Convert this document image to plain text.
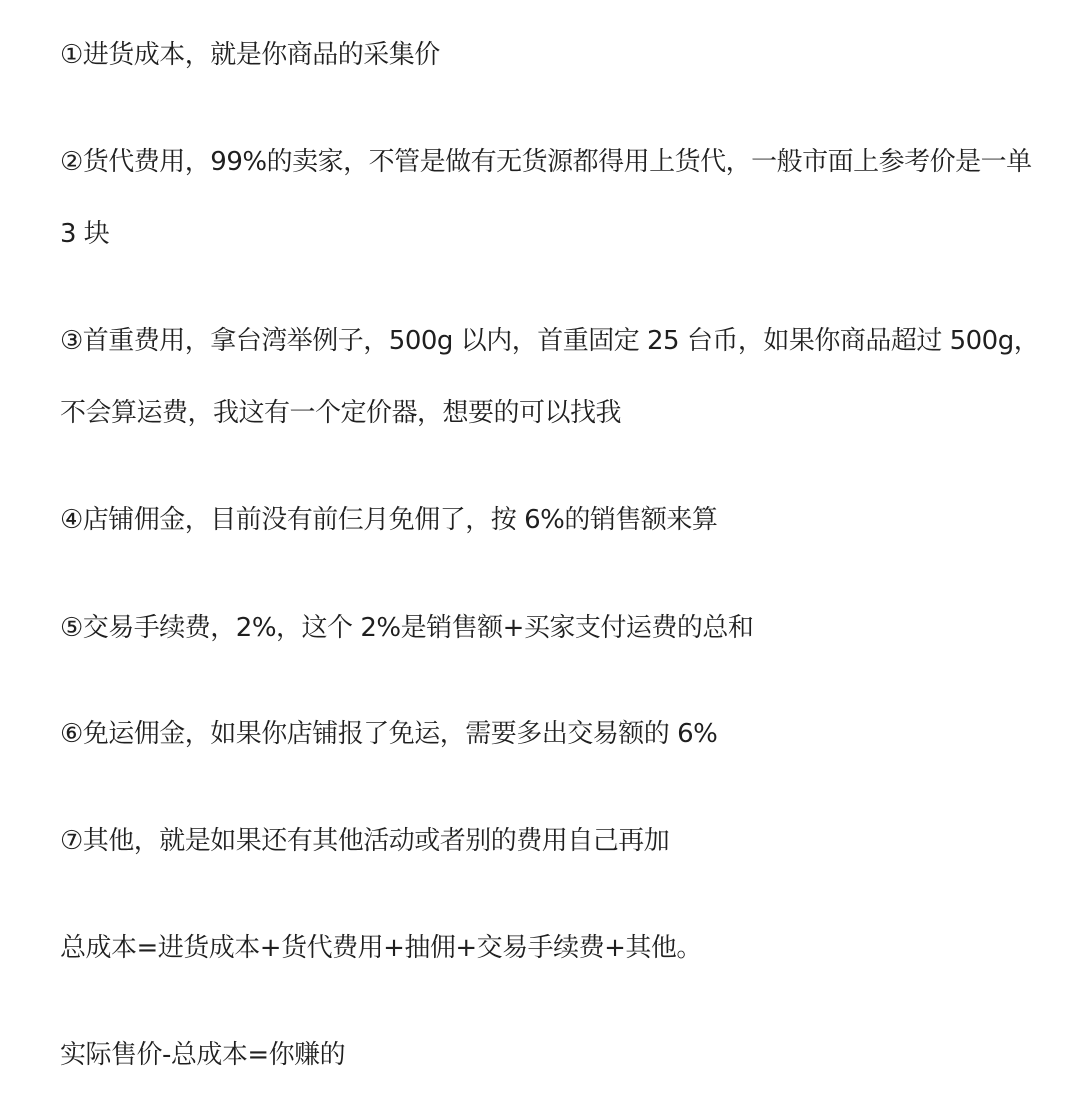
①进货成本，就是你商品的采集价
②货代费用，99%的卖家，不管是做有无货源都得用上货代，一般市面上参考价是一单
3 块
③首重费用，拿台湾举例子，500g 以内，首重固定 25 台币，如果你商品超过 500g，
不会算运费，我这有一个定价器，想要的可以找我
④店铺佣金，目前没有前仨月免佣了，按 6%的销售额来算
⑤交易手续费，2%，这个 2%是销售额+买家支付运费的总和
⑥免运佣金，如果你店铺报了免运，需要多出交易额的 6%
⑦其他，就是如果还有其他活动或者别的费用自己再加
总成本=进货成本+货代费用+抽佣+交易手续费+其他。
实际售价-总成本=你赚的
